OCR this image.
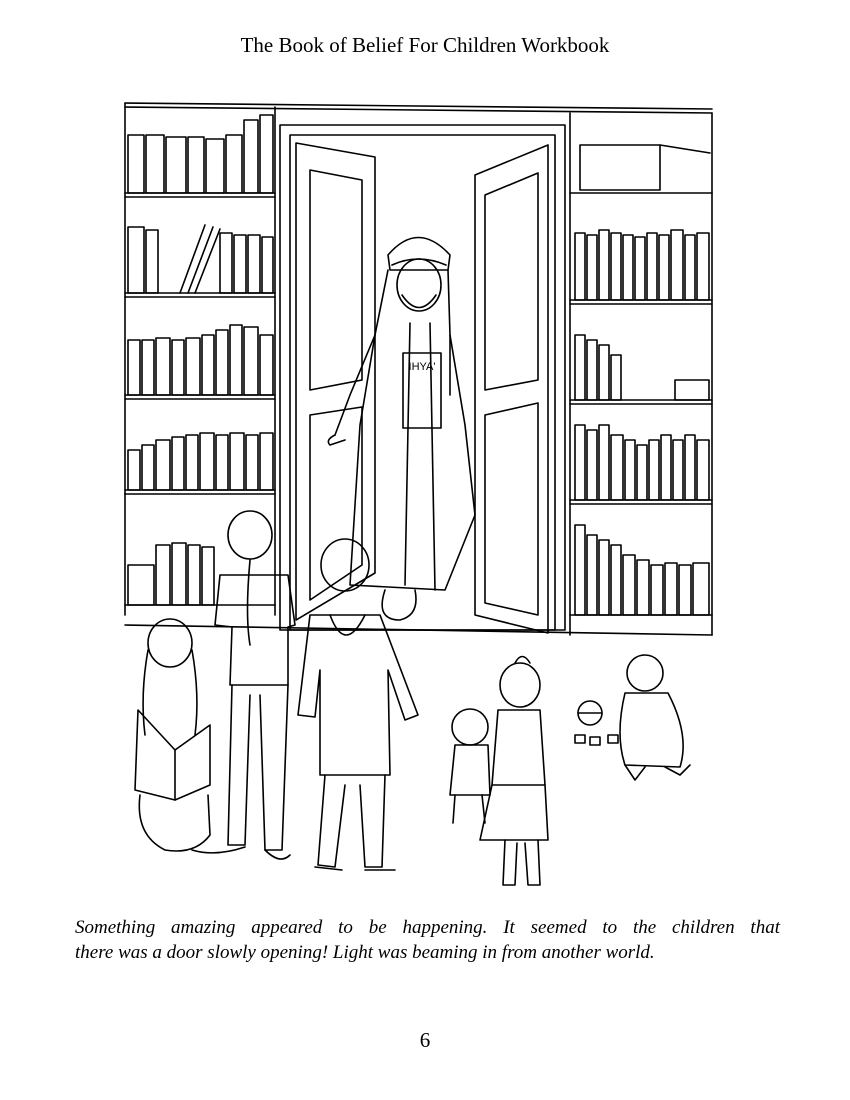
The Book of Belief For Children Workbook
IHYA'

Something amazing appeared to be happening. It seemed to the children that
there was a door slowly opening! Light was beaming in from another world.

6
